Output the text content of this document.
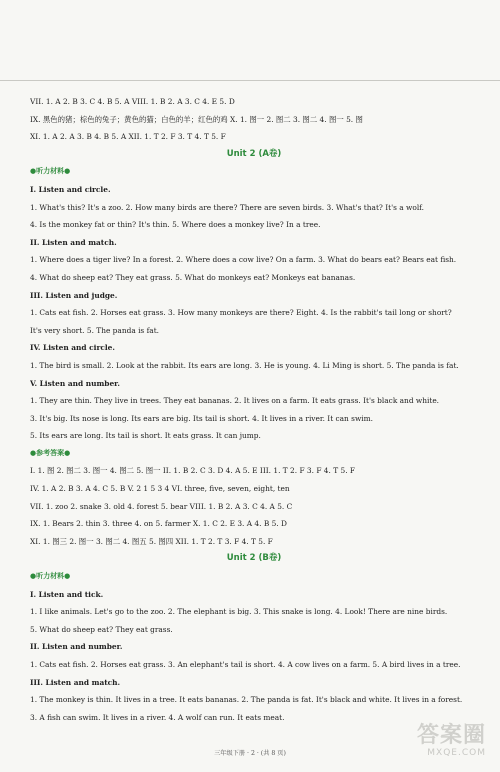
VII. 1. A 2. B 3. C 4. B 5. A VIII. 1. B 2. A 3. C 4. E 5. D
IX. 黑色的猪；棕色的兔子；黄色的猫；白色的羊；红色的鸡 X. 1. 图一 2. 图二 3. 图二 4. 图一 5. 图
XI. 1. A 2. A 3. B 4. B 5. A XII. 1. T 2. F 3. T 4. T 5. F
Unit 2 (A卷)
●听力材料●
I. Listen and circle.
1. What's this? It's a zoo. 2. How many birds are there? There are seven birds. 3. What's that? It's a wolf.
4. Is the monkey fat or thin? It's thin. 5. Where does a monkey live? In a tree.
II. Listen and match.
1. Where does a tiger live? In a forest. 2. Where does a cow live? On a farm. 3. What do bears eat? Bears eat fish.
4. What do sheep eat? They eat grass. 5. What do monkeys eat? Monkeys eat bananas.
III. Listen and judge.
1. Cats eat fish. 2. Horses eat grass. 3. How many monkeys are there? Eight. 4. Is the rabbit's tail long or short?
It's very short. 5. The panda is fat.
IV. Listen and circle.
1. The bird is small. 2. Look at the rabbit. Its ears are long. 3. He is young. 4. Li Ming is short. 5. The panda is fat.
V. Listen and number.
1. They are thin. They live in trees. They eat bananas. 2. It lives on a farm. It eats grass. It's black and white.
3. It's big. Its nose is long. Its ears are big. Its tail is short. 4. It lives in a river. It can swim.
5. Its ears are long. Its tail is short. It eats grass. It can jump.
●参考答案●
I. 1. 图 2. 图二 3. 图一 4. 图二 5. 图一 II. 1. B 2. C 3. D 4. A 5. E III. 1. T 2. F 3. F 4. T 5. F
IV. 1. A 2. B 3. A 4. C 5. B V. 2 1 5 3 4 VI. three, five, seven, eight, ten
VII. 1. zoo 2. snake 3. old 4. forest 5. bear VIII. 1. B 2. A 3. C 4. A 5. C
IX. 1. Bears 2. thin 3. three 4. on 5. farmer X. 1. C 2. E 3. A 4. B 5. D
XI. 1. 图三 2. 图一 3. 图二 4. 图五 5. 图四 XII. 1. T 2. T 3. F 4. T 5. F
Unit 2 (B卷)
●听力材料●
I. Listen and tick.
1. I like animals. Let's go to the zoo. 2. The elephant is big. 3. This snake is long. 4. Look! There are nine birds.
5. What do sheep eat? They eat grass.
II. Listen and number.
1. Cats eat fish. 2. Horses eat grass. 3. An elephant's tail is short. 4. A cow lives on a farm. 5. A bird lives in a tree.
III. Listen and match.
1. The monkey is thin. It lives in a tree. It eats bananas. 2. The panda is fat. It's black and white. It lives in a forest.
3. A fish can swim. It lives in a river. 4. A wolf can run. It eats meat.
三年级下册 · 2 · (共 8 页)
答案圈
MXQE.COM
